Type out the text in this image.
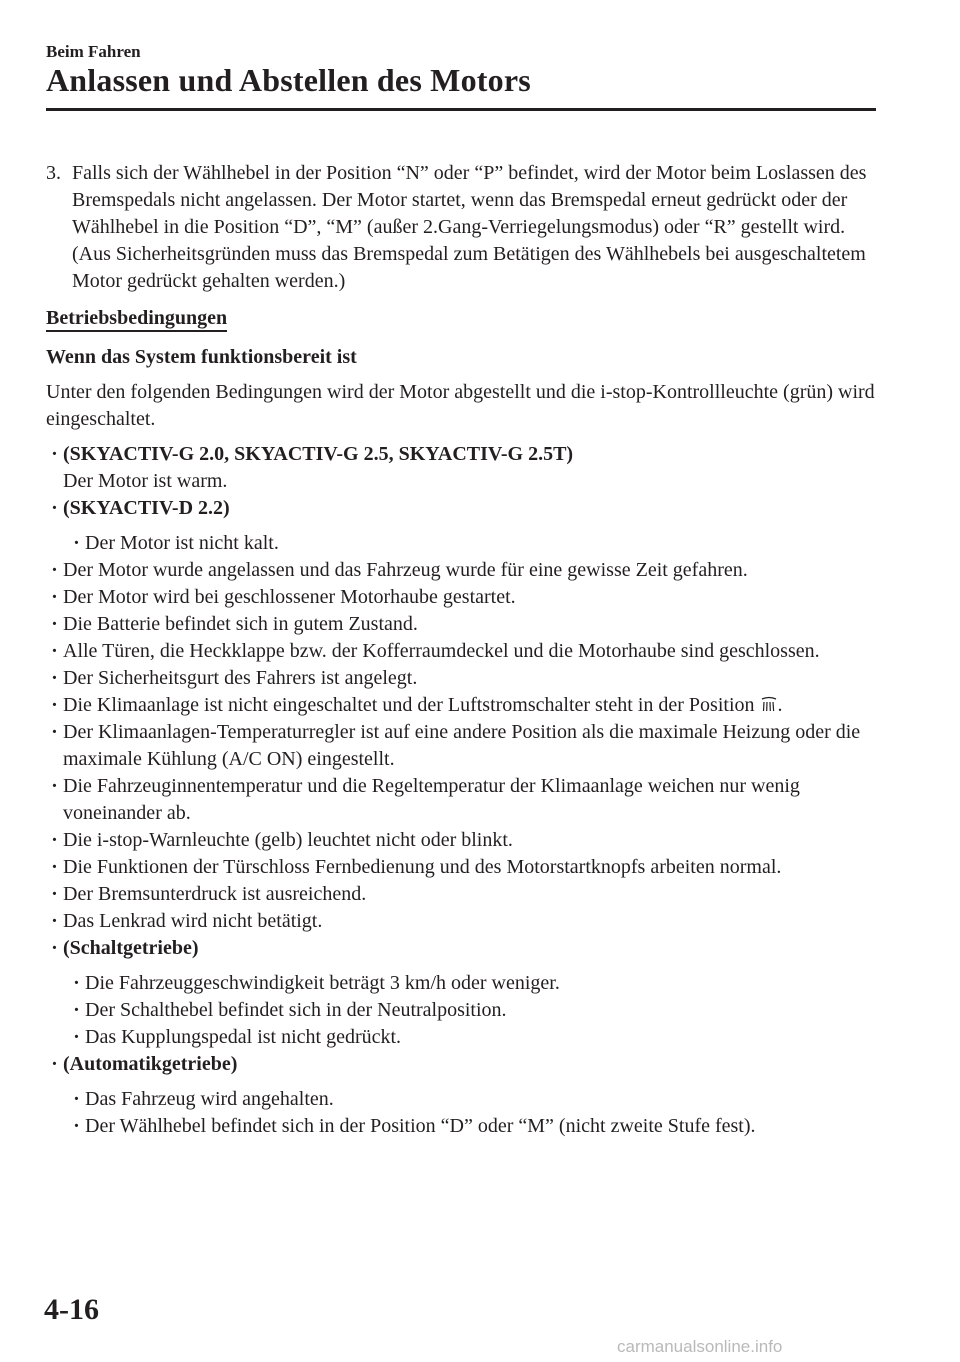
Beim Fahren
Anlassen und Abstellen des Motors
3. Falls sich der Wählhebel in der Position “N” oder “P” befindet, wird der Motor beim Loslassen des Bremspedals nicht angelassen. Der Motor startet, wenn das Bremspedal erneut gedrückt oder der Wählhebel in die Position “D”, “M” (außer 2.Gang-Verriegelungsmodus) oder “R” gestellt wird. (Aus Sicherheitsgründen muss das Bremspedal zum Betätigen des Wählhebels bei ausgeschaltetem Motor gedrückt gehalten werden.)
Betriebsbedingungen
Wenn das System funktionsbereit ist
Unter den folgenden Bedingungen wird der Motor abgestellt und die i-stop-Kontrollleuchte (grün) wird eingeschaltet.
· (SKYACTIV-G 2.0, SKYACTIV-G 2.5, SKYACTIV-G 2.5T)
Der Motor ist warm.
· (SKYACTIV-D 2.2)
· Der Motor ist nicht kalt.
· Der Motor wurde angelassen und das Fahrzeug wurde für eine gewisse Zeit gefahren.
· Der Motor wird bei geschlossener Motorhaube gestartet.
· Die Batterie befindet sich in gutem Zustand.
· Alle Türen, die Heckklappe bzw. der Kofferraumdeckel und die Motorhaube sind geschlossen.
· Der Sicherheitsgurt des Fahrers ist angelegt.
· Die Klimaanlage ist nicht eingeschaltet und der Luftstromschalter steht in der Position .
· Der Klimaanlagen-Temperaturregler ist auf eine andere Position als die maximale Heizung oder die maximale Kühlung (A/C ON) eingestellt.
· Die Fahrzeuginnentemperatur und die Regeltemperatur der Klimaanlage weichen nur wenig voneinander ab.
· Die i-stop-Warnleuchte (gelb) leuchtet nicht oder blinkt.
· Die Funktionen der Türschloss Fernbedienung und des Motorstartknopfs arbeiten normal.
· Der Bremsunterdruck ist ausreichend.
· Das Lenkrad wird nicht betätigt.
· (Schaltgetriebe)
· Die Fahrzeuggeschwindigkeit beträgt 3 km/h oder weniger.
· Der Schalthebel befindet sich in der Neutralposition.
· Das Kupplungspedal ist nicht gedrückt.
· (Automatikgetriebe)
· Das Fahrzeug wird angehalten.
· Der Wählhebel befindet sich in der Position “D” oder “M” (nicht zweite Stufe fest).
4-16
carmanualsonline.info
